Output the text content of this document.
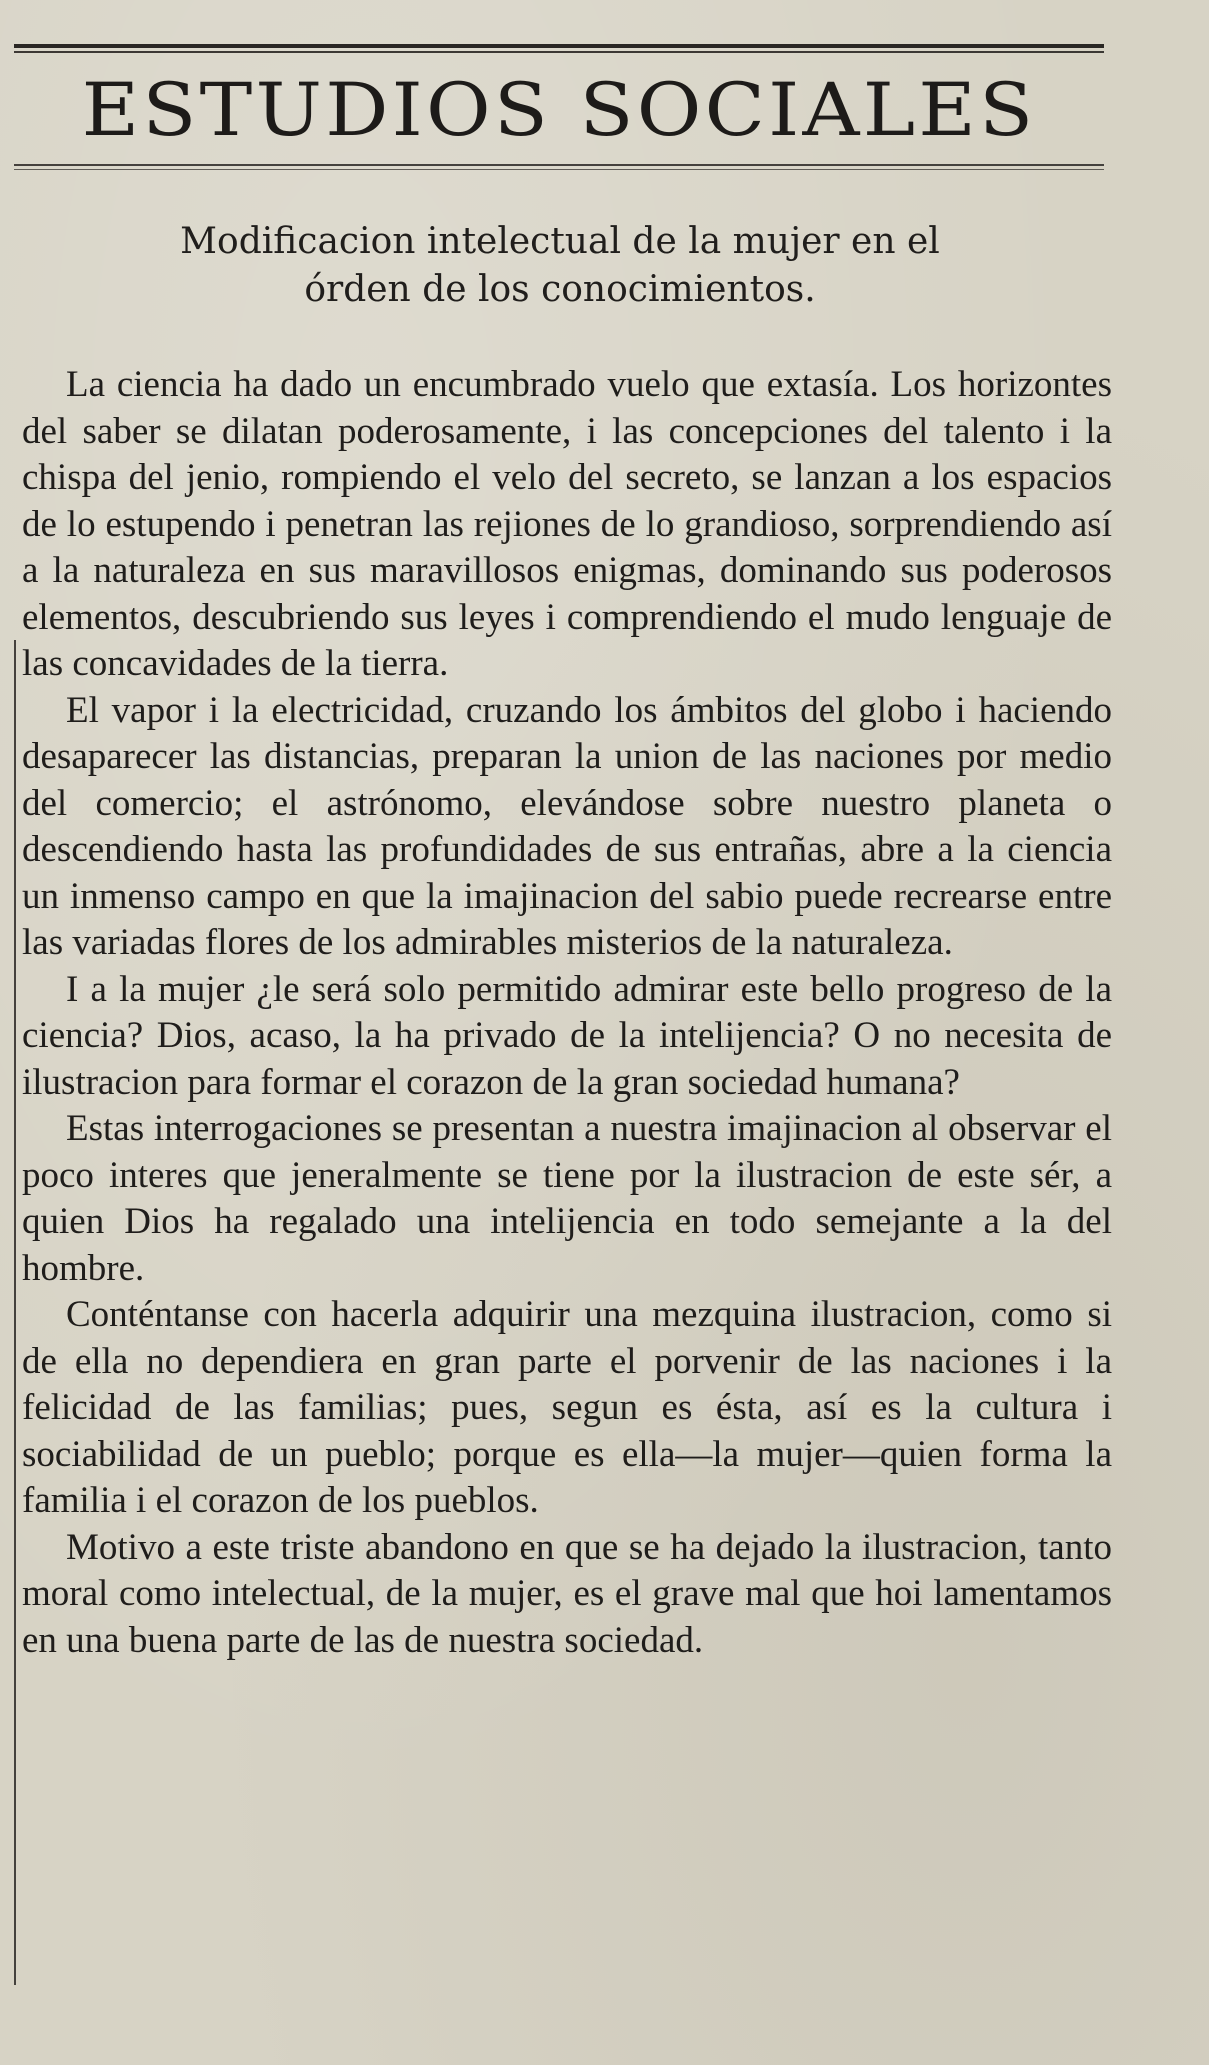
ESTUDIOS SOCIALES
Modificacion intelectual de la mujer en el
órden de los conocimientos.

La ciencia ha dado un encumbrado vuelo que extasía. Los horizontes del saber se dilatan poderosamente, i las concepciones del talento i la chispa del jenio, rompiendo el velo del secreto, se lanzan a los espacios de lo estupendo i penetran las rejiones de lo grandioso, sorprendiendo así a la naturaleza en sus maravillosos enigmas, dominando sus poderosos elementos, descubriendo sus leyes i comprendiendo el mudo lenguaje de las concavidades de la tierra.

El vapor i la electricidad, cruzando los ámbitos del globo i haciendo desaparecer las distancias, preparan la union de las naciones por medio del comercio; el astrónomo, elevándose sobre nuestro planeta o descendiendo hasta las profundidades de sus entrañas, abre a la ciencia un inmenso campo en que la imajinacion del sabio puede recrearse entre las variadas flores de los admirables misterios de la naturaleza.

I a la mujer ¿le será solo permitido admirar este bello progreso de la ciencia? Dios, acaso, la ha privado de la intelijencia? O no necesita de ilustracion para formar el corazon de la gran sociedad humana?

Estas interrogaciones se presentan a nuestra imajinacion al observar el poco interes que jeneralmente se tiene por la ilustracion de este sér, a quien Dios ha regalado una intelijencia en todo semejante a la del hombre.

Conténtanse con hacerla adquirir una mezquina ilustracion, como si de ella no dependiera en gran parte el porvenir de las naciones i la felicidad de las familias; pues, segun es ésta, así es la cultura i sociabilidad de un pueblo; porque es ella—la mujer—quien forma la familia i el corazon de los pueblos.

Motivo a este triste abandono en que se ha dejado la ilustracion, tanto moral como intelectual, de la mujer, es el grave mal que hoi lamentamos en una buena parte de las de nuestra sociedad.
